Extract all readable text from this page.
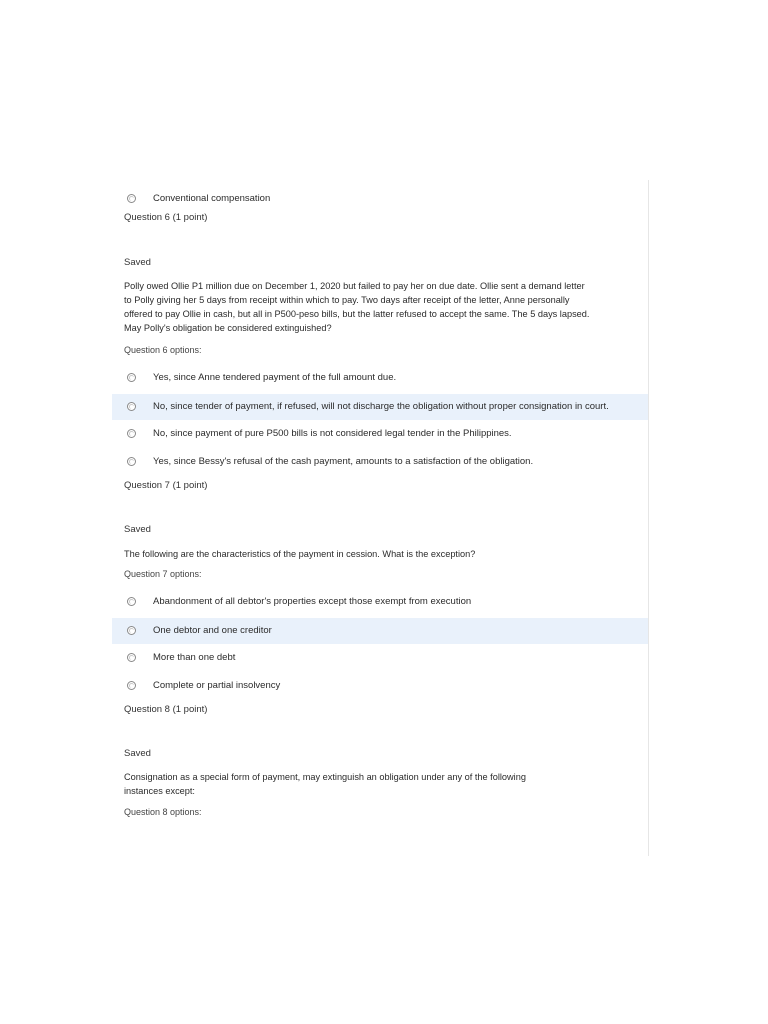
Conventional compensation
Question 6 (1 point)
Saved
Polly owed Ollie P1 million due on December 1, 2020 but failed to pay her on due date. Ollie sent a demand letter to Polly giving her 5 days from receipt within which to pay. Two days after receipt of the letter, Anne personally offered to pay Ollie in cash, but all in P500-peso bills, but the latter refused to accept the same. The 5 days lapsed. May Polly's obligation be considered extinguished?
Question 6 options:
Yes, since Anne tendered payment of the full amount due.
No, since tender of payment, if refused, will not discharge the obligation without proper consignation in court.
No, since payment of pure P500 bills is not considered legal tender in the Philippines.
Yes, since Bessy's refusal of the cash payment, amounts to a satisfaction of the obligation.
Question 7 (1 point)
Saved
The following are the characteristics of the payment in cession. What is the exception?
Question 7 options:
Abandonment of all debtor's properties except those exempt from execution
One debtor and one creditor
More than one debt
Complete or partial insolvency
Question 8 (1 point)
Saved
Consignation as a special form of payment, may extinguish an obligation under any of the following instances except:
Question 8 options:
